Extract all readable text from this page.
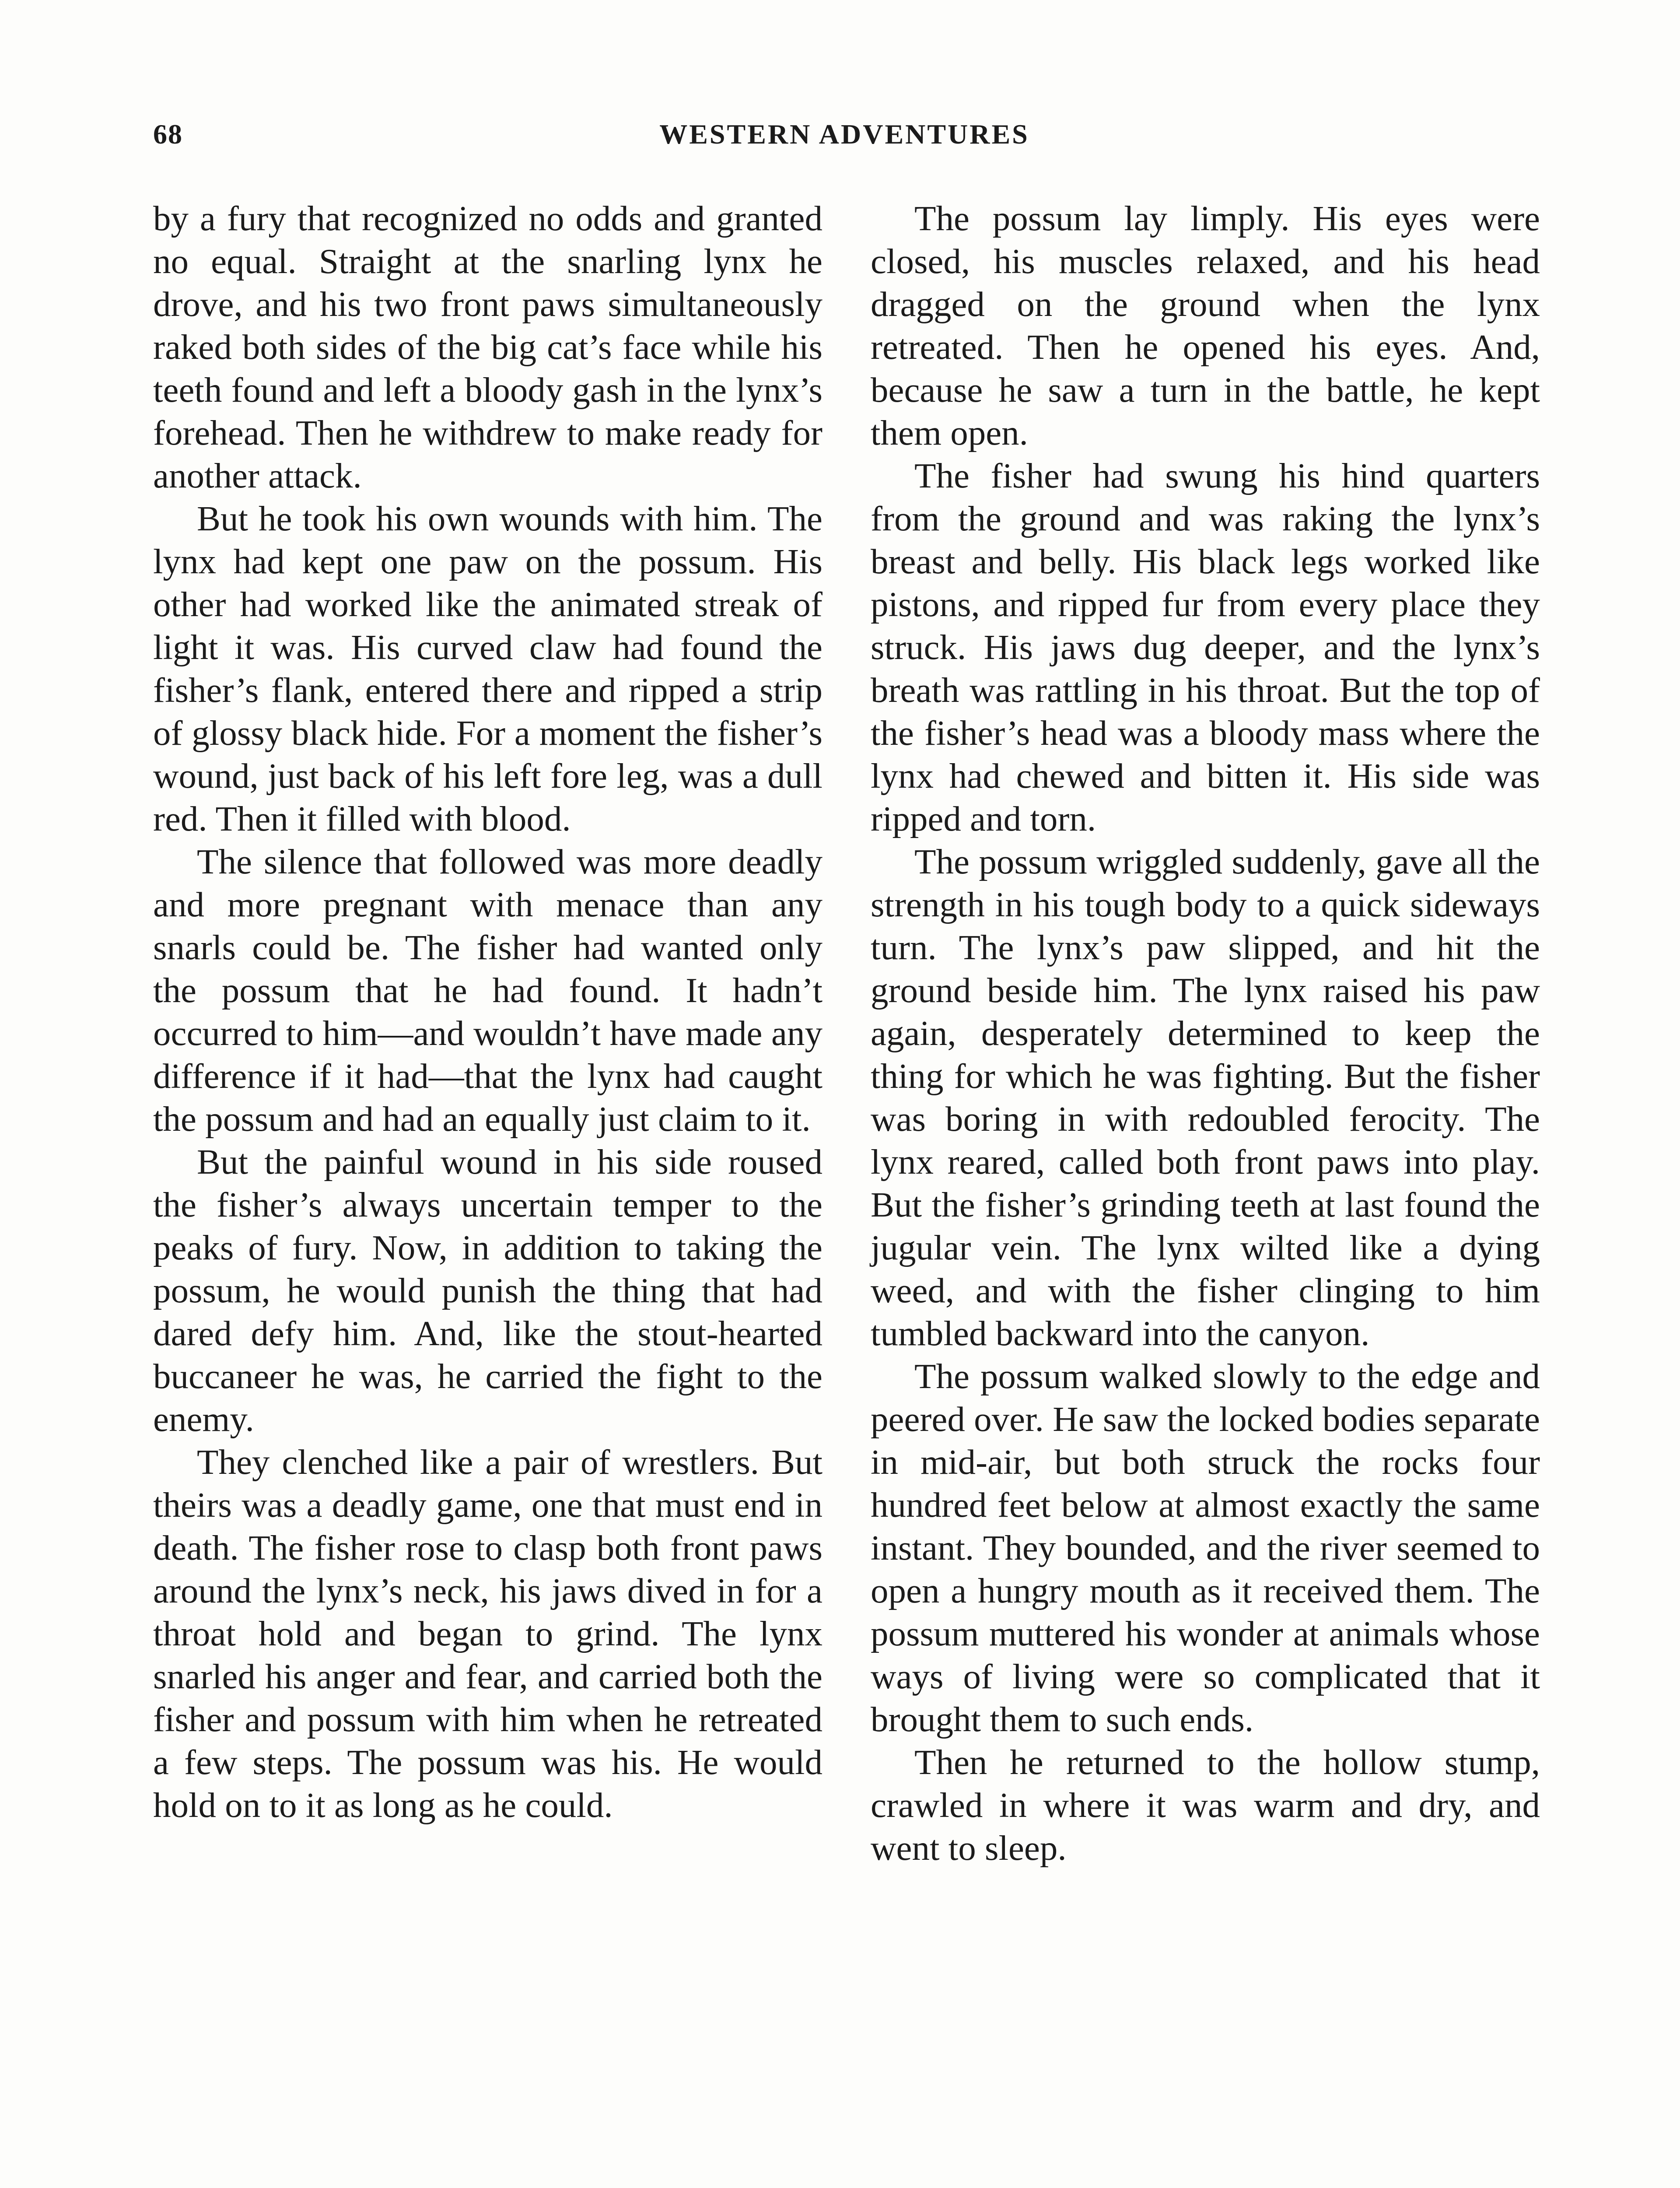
68	WESTERN ADVENTURES

by a fury that recognized no odds and granted no equal. Straight at the snarling lynx he drove, and his two front paws simultaneously raked both sides of the big cat’s face while his teeth found and left a bloody gash in the lynx’s forehead. Then he withdrew to make ready for another attack.

But he took his own wounds with him. The lynx had kept one paw on the possum. His other had worked like the animated streak of light it was. His curved claw had found the fisher’s flank, entered there and ripped a strip of glossy black hide. For a moment the fisher’s wound, just back of his left fore leg, was a dull red. Then it filled with blood.

The silence that followed was more deadly and more pregnant with menace than any snarls could be. The fisher had wanted only the possum that he had found. It hadn’t occurred to him—and wouldn’t have made any difference if it had—that the lynx had caught the possum and had an equally just claim to it.

But the painful wound in his side roused the fisher’s always uncertain temper to the peaks of fury. Now, in addition to taking the possum, he would punish the thing that had dared defy him. And, like the stout-hearted buccaneer he was, he carried the fight to the enemy.

They clenched like a pair of wrestlers. But theirs was a deadly game, one that must end in death. The fisher rose to clasp both front paws around the lynx’s neck, his jaws dived in for a throat hold and began to grind. The lynx snarled his anger and fear, and carried both the fisher and possum with him when he retreated a few steps. The possum was his. He would hold on to it as long as he could.

The possum lay limply. His eyes were closed, his muscles relaxed, and his head dragged on the ground when the lynx retreated. Then he opened his eyes. And, because he saw a turn in the battle, he kept them open.

The fisher had swung his hind quarters from the ground and was raking the lynx’s breast and belly. His black legs worked like pistons, and ripped fur from every place they struck. His jaws dug deeper, and the lynx’s breath was rattling in his throat. But the top of the fisher’s head was a bloody mass where the lynx had chewed and bitten it. His side was ripped and torn.

The possum wriggled suddenly, gave all the strength in his tough body to a quick sideways turn. The lynx’s paw slipped, and hit the ground beside him. The lynx raised his paw again, desperately determined to keep the thing for which he was fighting. But the fisher was boring in with redoubled ferocity. The lynx reared, called both front paws into play. But the fisher’s grinding teeth at last found the jugular vein. The lynx wilted like a dying weed, and with the fisher clinging to him tumbled backward into the canyon.

The possum walked slowly to the edge and peered over. He saw the locked bodies separate in mid-air, but both struck the rocks four hundred feet below at almost exactly the same instant. They bounded, and the river seemed to open a hungry mouth as it received them. The possum muttered his wonder at animals whose ways of living were so complicated that it brought them to such ends.

Then he returned to the hollow stump, crawled in where it was warm and dry, and went to sleep.
